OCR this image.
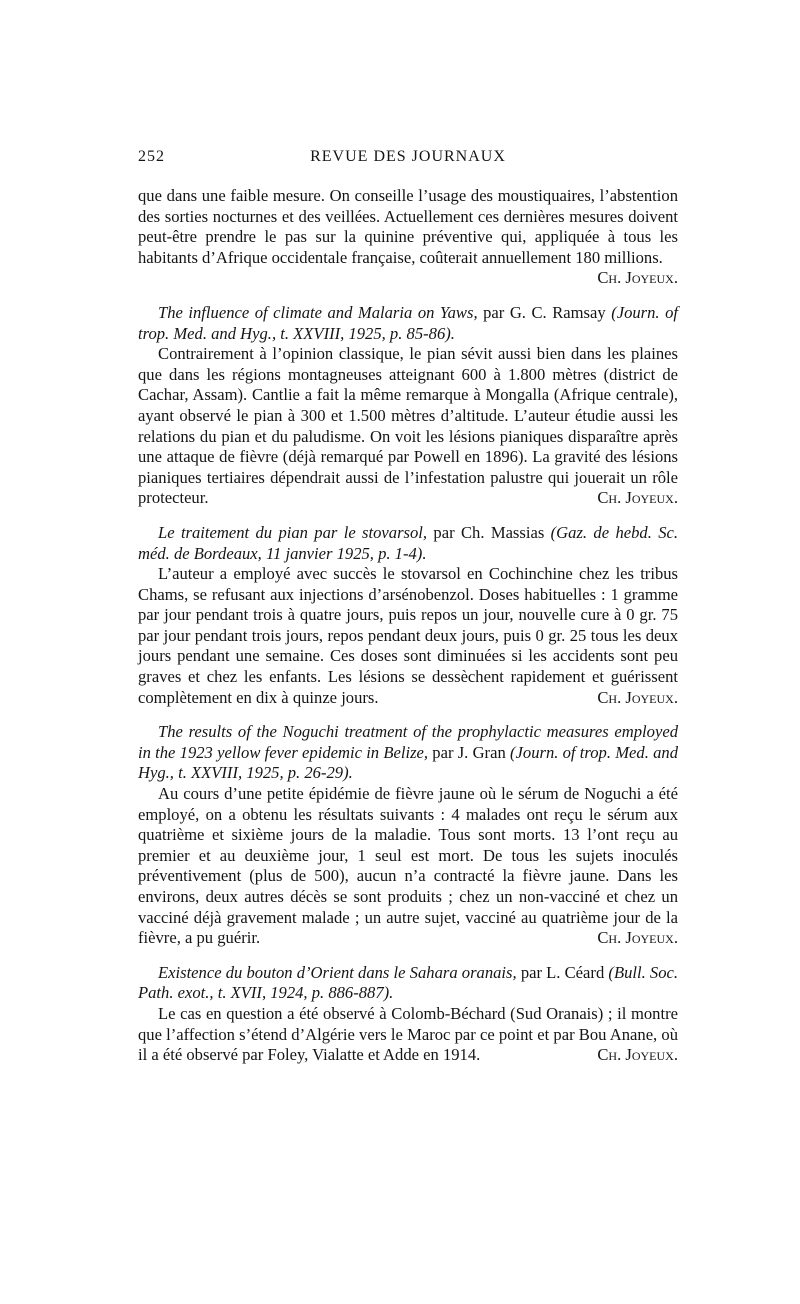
252	REVUE DES JOURNAUX

que dans une faible mesure. On conseille l’usage des moustiquaires, l’abstention des sorties nocturnes et des veillées. Actuellement ces dernières mesures doivent peut-être prendre le pas sur la quinine préventive qui, appliquée à tous les habitants d’Afrique occidentale française, coûterait annuellement 180 millions.
Ch. Joyeux.

The influence of climate and Malaria on Yaws, par G. C. Ramsay (Journ. of trop. Med. and Hyg., t. XXVIII, 1925, p. 85-86).

Contrairement à l’opinion classique, le pian sévit aussi bien dans les plaines que dans les régions montagneuses atteignant 600 à 1.800 mètres (district de Cachar, Assam). Cantlie a fait la même remarque à Mongalla (Afrique centrale), ayant observé le pian à 300 et 1.500 mètres d’altitude. L’auteur étudie aussi les relations du pian et du paludisme. On voit les lésions pianiques disparaître après une attaque de fièvre (déjà remarqué par Powell en 1896). La gravité des lésions pianiques tertiaires dépendrait aussi de l’infestation palustre qui jouerait un rôle protecteur.	Ch. Joyeux.

Le traitement du pian par le stovarsol, par Ch. Massias (Gaz. de hebd. Sc. méd. de Bordeaux, 11 janvier 1925, p. 1-4).

L’auteur a employé avec succès le stovarsol en Cochinchine chez les tribus Chams, se refusant aux injections d’arsénobenzol. Doses habituelles : 1 gramme par jour pendant trois à quatre jours, puis repos un jour, nouvelle cure à 0 gr. 75 par jour pendant trois jours, repos pendant deux jours, puis 0 gr. 25 tous les deux jours pendant une semaine. Ces doses sont diminuées si les accidents sont peu graves et chez les enfants. Les lésions se dessèchent rapidement et guérissent complètement en dix à quinze jours.	Ch. Joyeux.

The results of the Noguchi treatment of the prophylactic measures employed in the 1923 yellow fever epidemic in Belize, par J. Gran (Journ. of trop. Med. and Hyg., t. XXVIII, 1925, p. 26-29).

Au cours d’une petite épidémie de fièvre jaune où le sérum de Noguchi a été employé, on a obtenu les résultats suivants : 4 malades ont reçu le sérum aux quatrième et sixième jours de la maladie. Tous sont morts. 13 l’ont reçu au premier et au deuxième jour, 1 seul est mort. De tous les sujets inoculés préventivement (plus de 500), aucun n’a contracté la fièvre jaune. Dans les environs, deux autres décès se sont produits ; chez un non-vacciné et chez un vacciné déjà gravement malade ; un autre sujet, vacciné au quatrième jour de la fièvre, a pu guérir.	Ch. Joyeux.

Existence du bouton d’Orient dans le Sahara oranais, par L. Céard (Bull. Soc. Path. exot., t. XVII, 1924, p. 886-887).

Le cas en question a été observé à Colomb-Béchard (Sud Oranais) ; il montre que l’affection s’étend d’Algérie vers le Maroc par ce point et par Bou Anane, où il a été observé par Foley, Vialatte et Adde en 1914.	Ch. Joyeux.
